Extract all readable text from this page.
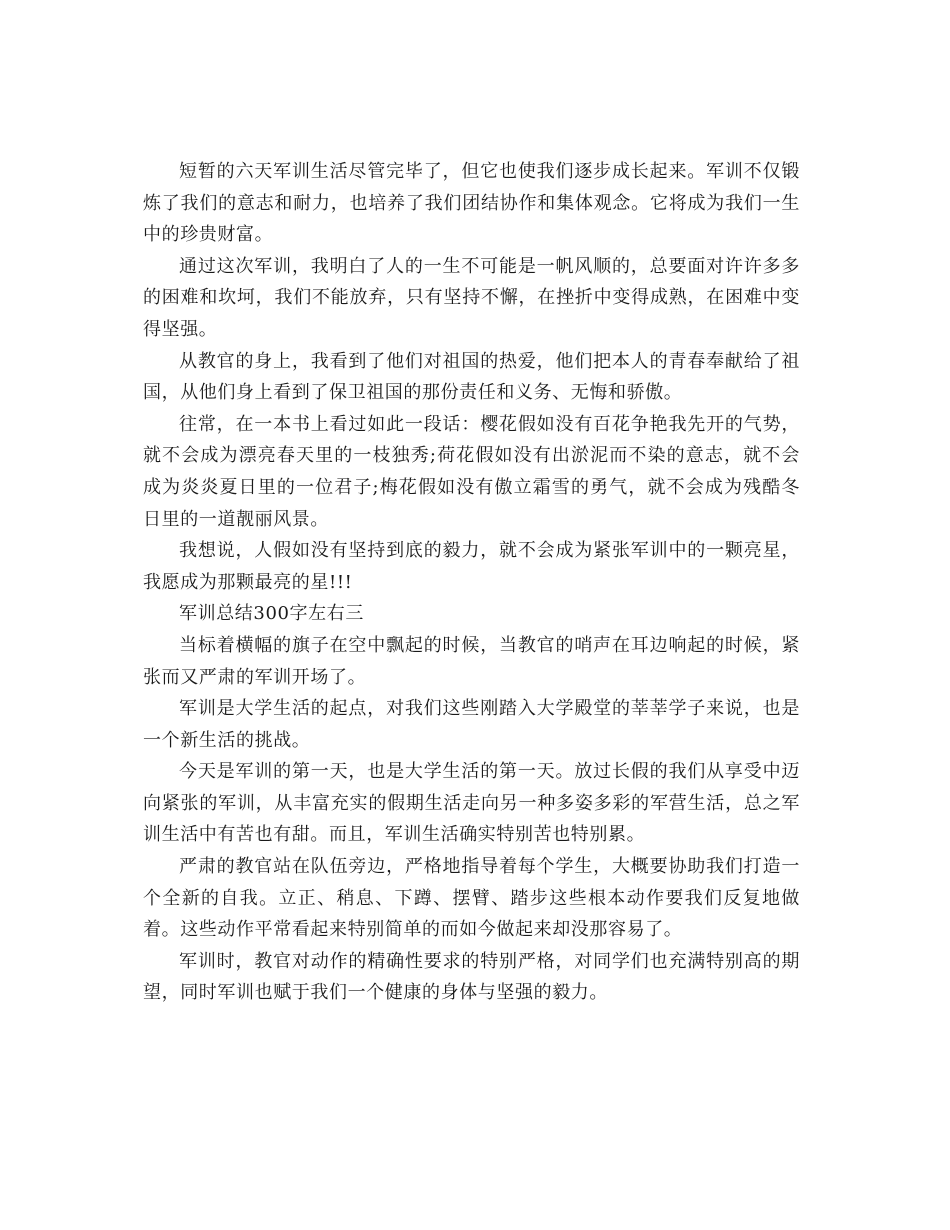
短暂的六天军训生活尽管完毕了，但它也使我们逐步成长起来。军训不仅锻炼了我们的意志和耐力，也培养了我们团结协作和集体观念。它将成为我们一生中的珍贵财富。

通过这次军训，我明白了人的一生不可能是一帆风顺的，总要面对许许多多的困难和坎坷，我们不能放弃，只有坚持不懈，在挫折中变得成熟，在困难中变得坚强。

从教官的身上，我看到了他们对祖国的热爱，他们把本人的青春奉献给了祖国，从他们身上看到了保卫祖国的那份责任和义务、无悔和骄傲。

往常，在一本书上看过如此一段话：樱花假如没有百花争艳我先开的气势，就不会成为漂亮春天里的一枝独秀;荷花假如没有出淤泥而不染的意志，就不会成为炎炎夏日里的一位君子;梅花假如没有傲立霜雪的勇气，就不会成为残酷冬日里的一道靓丽风景。

我想说，人假如没有坚持到底的毅力，就不会成为紧张军训中的一颗亮星，我愿成为那颗最亮的星!!!

军训总结300字左右三

当标着横幅的旗子在空中飘起的时候，当教官的哨声在耳边响起的时候，紧张而又严肃的军训开场了。

军训是大学生活的起点，对我们这些刚踏入大学殿堂的莘莘学子来说，也是一个新生活的挑战。

今天是军训的第一天，也是大学生活的第一天。放过长假的我们从享受中迈向紧张的军训，从丰富充实的假期生活走向另一种多姿多彩的军营生活，总之军训生活中有苦也有甜。而且，军训生活确实特别苦也特别累。

严肃的教官站在队伍旁边，严格地指导着每个学生，大概要协助我们打造一个全新的自我。立正、稍息、下蹲、摆臂、踏步这些根本动作要我们反复地做着。这些动作平常看起来特别简单的而如今做起来却没那容易了。

军训时，教官对动作的精确性要求的特别严格，对同学们也充满特别高的期望，同时军训也赋于我们一个健康的身体与坚强的毅力。
